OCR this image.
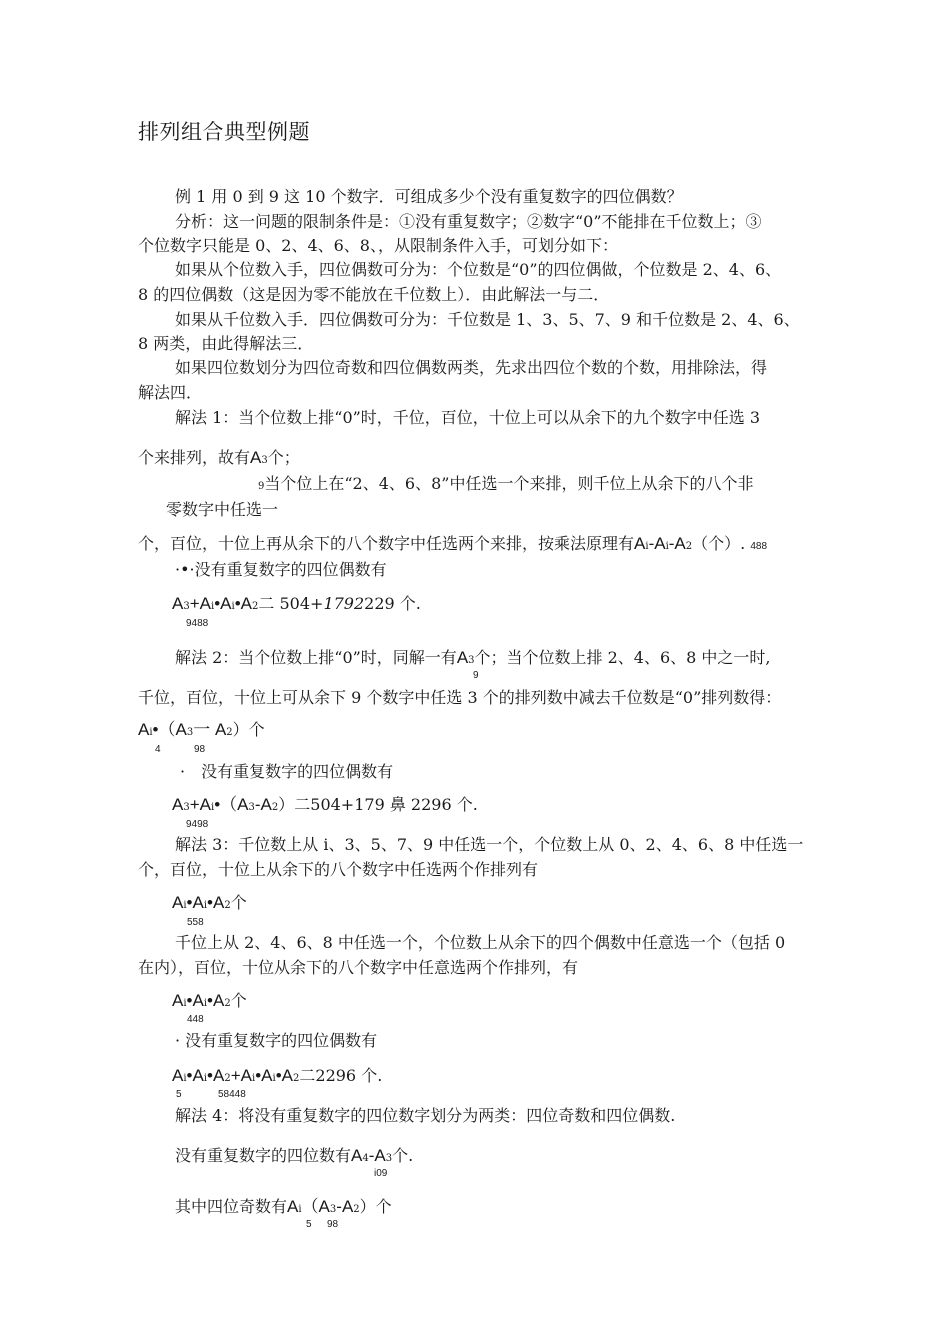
排列组合典型例题
例 1 用 0 到 9 这 10 个数字．可组成多少个没有重复数字的四位偶数？
分析：这一问题的限制条件是：①没有重复数字；②数字“0”不能排在千位数上；③
个位数字只能是 0、2、4、6、8、，从限制条件入手，可划分如下：
如果从个位数入手，四位偶数可分为：个位数是“0”的四位偶做，个位数是 2、4、6、
8 的四位偶数（这是因为零不能放在千位数上）．由此解法一与二．
如果从千位数入手．四位偶数可分为：千位数是 1、3、5、7、9 和千位数是 2、4、6、
8 两类，由此得解法三．
如果四位数划分为四位奇数和四位偶数两类，先求出四位个数的个数，用排除法，得
解法四．
解法 1：当个位数上排“0”时，千位，百位，十位上可以从余下的九个数字中任选 3
个来排列，故有A3个；
9当个位上在“2、4、6、8”中任选一个来排，则千位上从余下的八个非
零数字中任选一
个，百位，十位上再从余下的八个数字中任选两个来排，按乘法原理有Ai-Ai-A2（个）. 488
·•·没有重复数字的四位偶数有
A3+Ai•Ai•A2二 504+1792229 个.
9488
解法 2：当个位数上排“0”时，同解一有A3个；当个位数上排 2、4、6、8 中之一时,
9
千位，百位，十位上可从余下 9 个数字中任选 3 个的排列数中减去千位数是“0”排列数得：
Ai•（A3一 A2）个
4	98
·　没有重复数字的四位偶数有
A3+Ai•（A3-A2）二504+179 鼻 2296 个.
9498
解法 3：千位数上从 i、3、5、7、9 中任选一个，个位数上从 0、2、4、6、8 中任选一
个，百位，十位上从余下的八个数字中任选两个作排列有
Ai•Ai•A2个
558
千位上从 2、4、6、8 中任选一个，个位数上从余下的四个偶数中任意选一个（包括 0
在内），百位，十位从余下的八个数字中任意选两个作排列，有
Ai•Ai•A2个
448
· 没有重复数字的四位偶数有
Ai•Ai•A2+Ai•Ai•A2二2296 个.
5	58448
解法 4：将没有重复数字的四位数字划分为两类：四位奇数和四位偶数.
没有重复数字的四位数有A4-A3个.
i09
其中四位奇数有Ai（A3-A2）个
5 98
